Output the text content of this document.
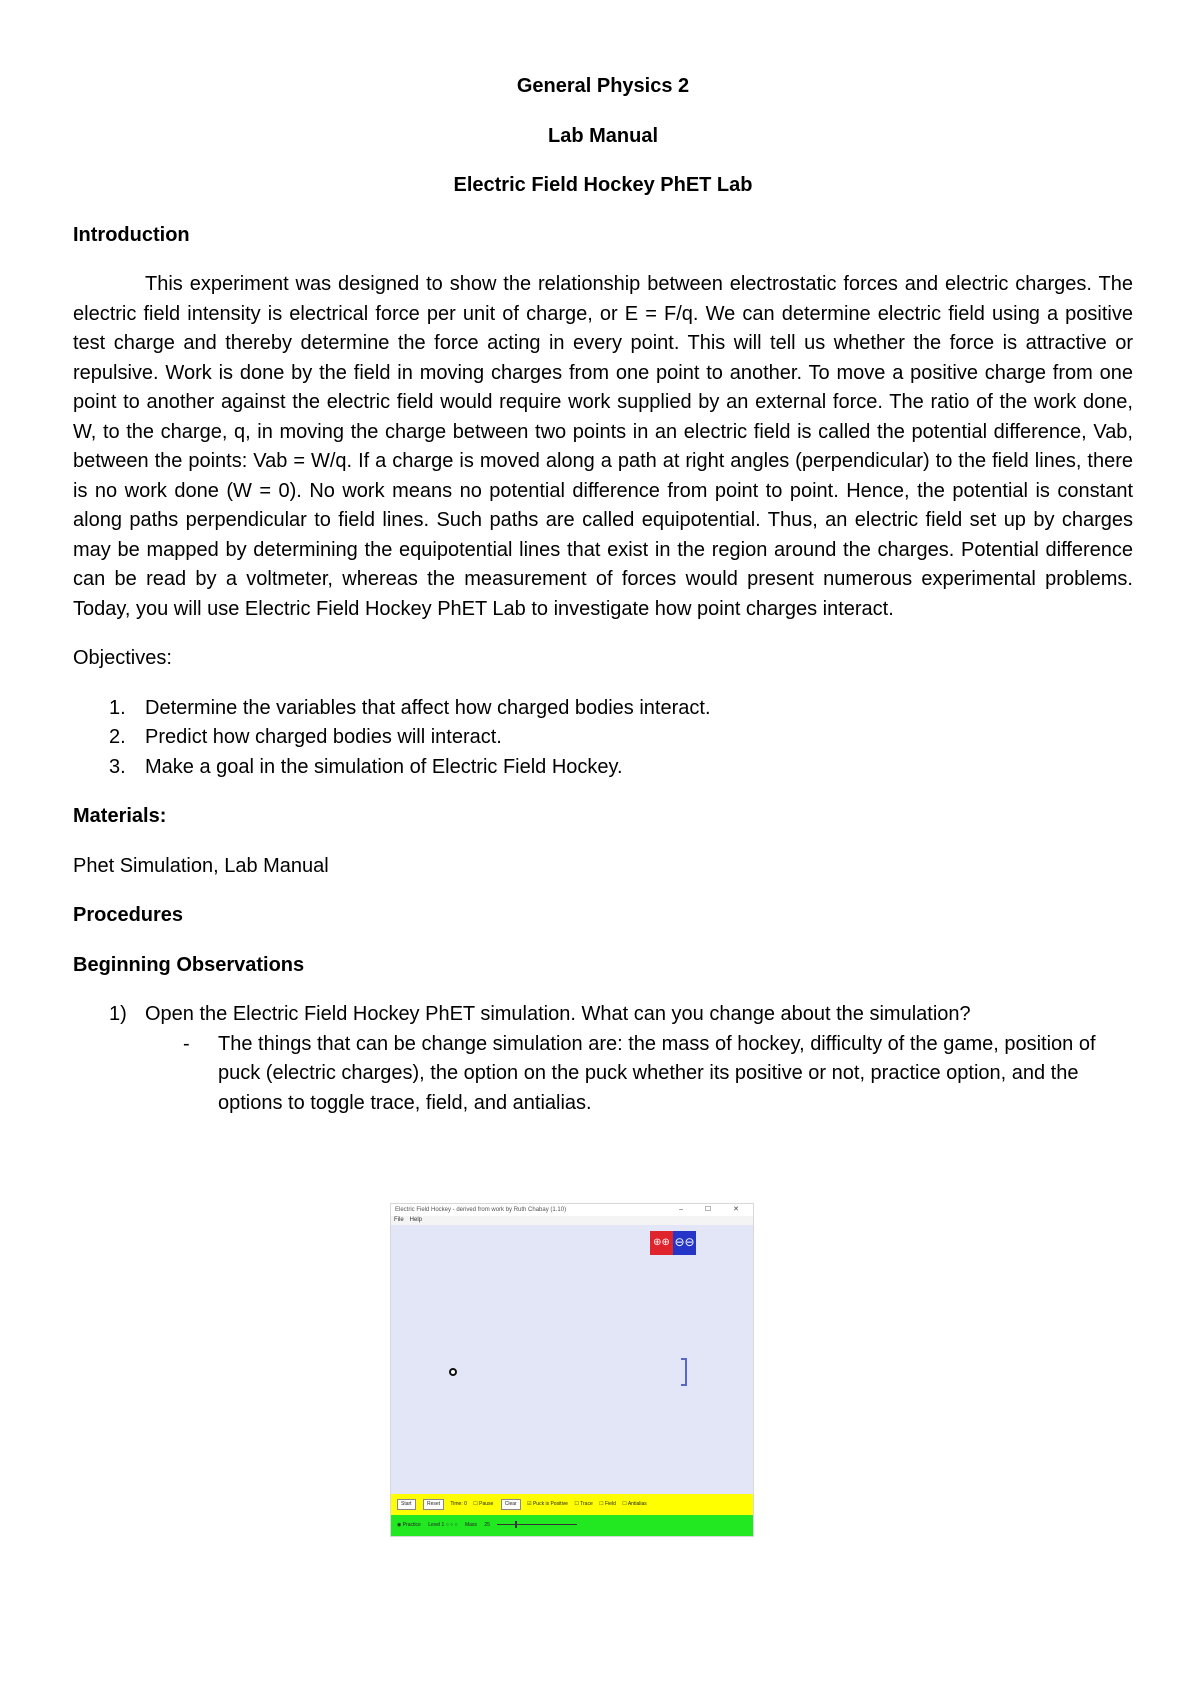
General Physics 2

Lab Manual

Electric Field Hockey PhET Lab

Introduction

This experiment was designed to show the relationship between electrostatic forces and electric charges. The electric field intensity is electrical force per unit of charge, or E = F/q. We can determine electric field using a positive test charge and thereby determine the force acting in every point. This will tell us whether the force is attractive or repulsive. Work is done by the field in moving charges from one point to another. To move a positive charge from one point to another against the electric field would require work supplied by an external force. The ratio of the work done, W, to the charge, q, in moving the charge between two points in an electric field is called the potential difference, Vab, between the points: Vab = W/q. If a charge is moved along a path at right angles (perpendicular) to the field lines, there is no work done (W = 0). No work means no potential difference from point to point. Hence, the potential is constant along paths perpendicular to field lines. Such paths are called equipotential. Thus, an electric field set up by charges may be mapped by determining the equipotential lines that exist in the region around the charges. Potential difference can be read by a voltmeter, whereas the measurement of forces would present numerous experimental problems. Today, you will use Electric Field Hockey PhET Lab to investigate how point charges interact.

Objectives:

1. Determine the variables that affect how charged bodies interact.
2. Predict how charged bodies will interact.
3. Make a goal in the simulation of Electric Field Hockey.

Materials:

Phet Simulation, Lab Manual

Procedures

Beginning Observations

1) Open the Electric Field Hockey PhET simulation. What can you change about the simulation?
- The things that can be change simulation are: the mass of hockey, difficulty of the game, position of puck (electric charges), the option on the puck whether its positive or not, practice option, and the options to toggle trace, field, and antialias.
Electric Field Hockey - derived from work by Ruth Chabay (1.10)	– ☐ ✕
File Help
⊕⊕ ⊖⊖
Start	Reset Time: 0 ☐ Pause Clear ☑ Puck is Positive ☐ Trace ☐ Field ☐ Antialias
◉ Practice Level 1 ○ ○ ○ Mass 25
